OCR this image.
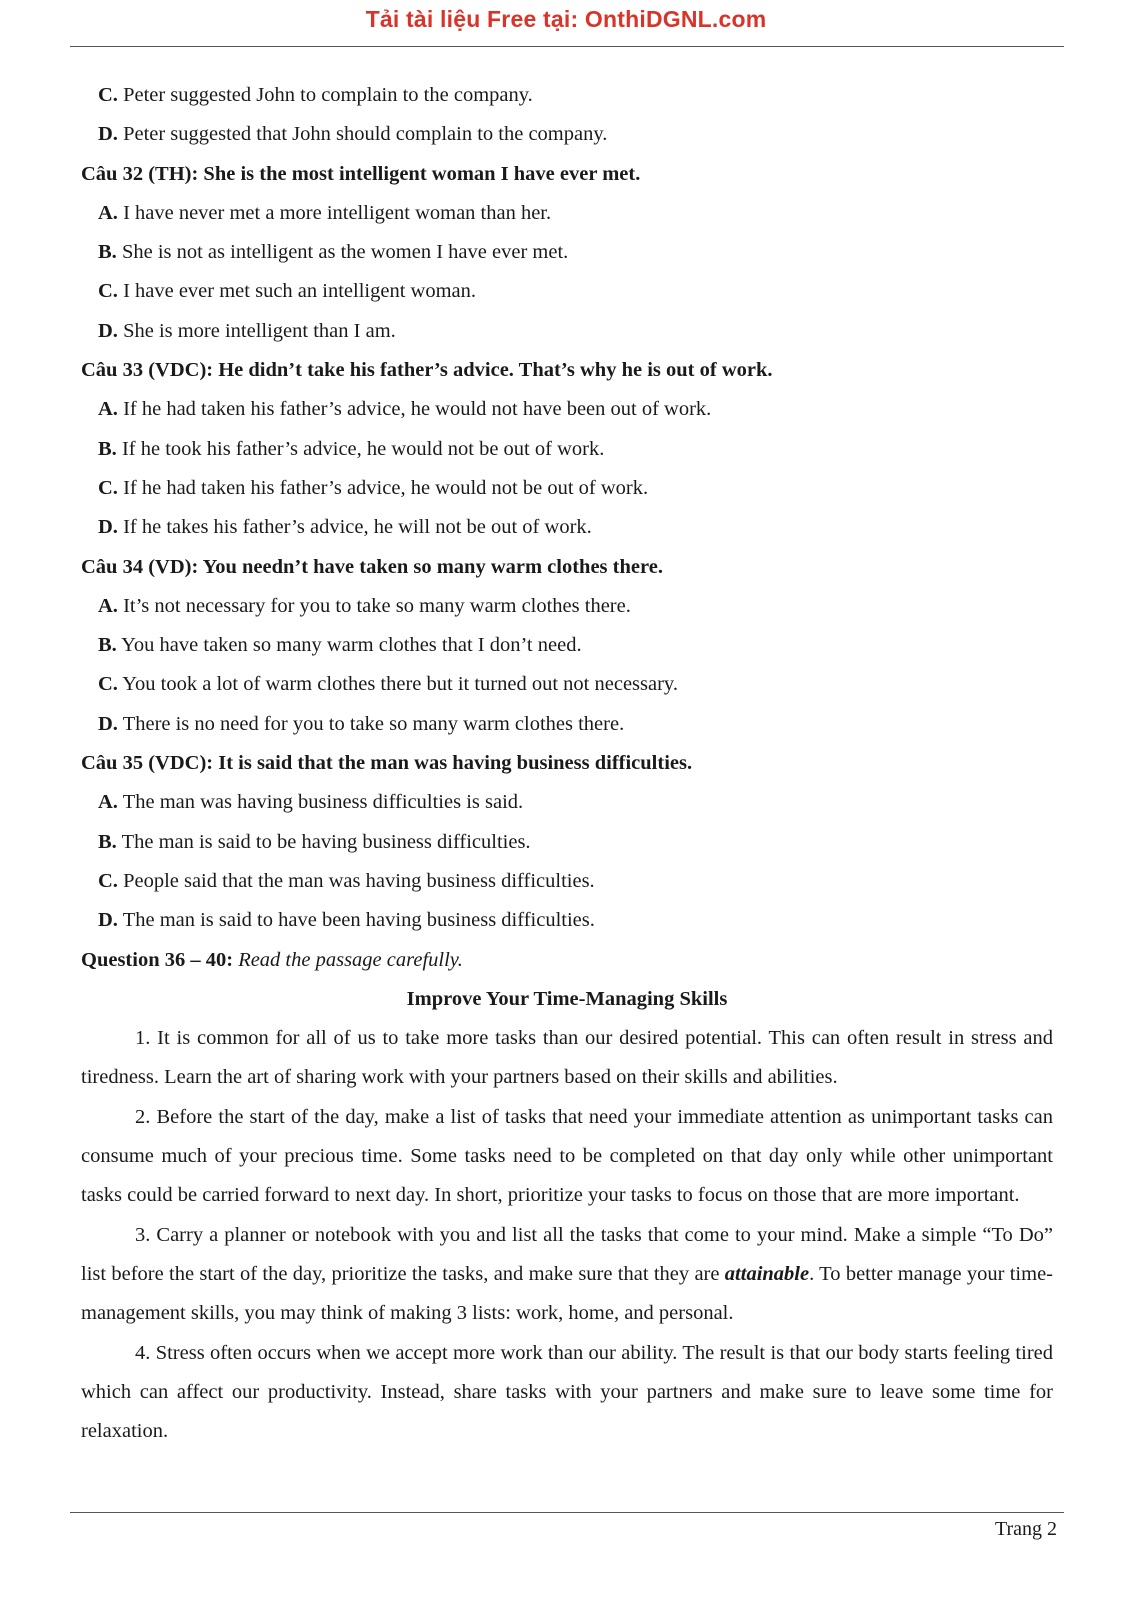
Tải tài liệu Free tại: OnthiDGNL.com
C. Peter suggested John to complain to the company.
D. Peter suggested that John should complain to the company.
Câu 32 (TH): She is the most intelligent woman I have ever met.
A. I have never met a more intelligent woman than her.
B. She is not as intelligent as the women I have ever met.
C. I have ever met such an intelligent woman.
D. She is more intelligent than I am.
Câu 33 (VDC): He didn’t take his father’s advice. That’s why he is out of work.
A. If he had taken his father’s advice, he would not have been out of work.
B. If he took his father’s advice, he would not be out of work.
C. If he had taken his father’s advice, he would not be out of work.
D. If he takes his father’s advice, he will not be out of work.
Câu 34 (VD): You needn’t have taken so many warm clothes there.
A. It’s not necessary for you to take so many warm clothes there.
B. You have taken so many warm clothes that I don’t need.
C. You took a lot of warm clothes there but it turned out not necessary.
D. There is no need for you to take so many warm clothes there.
Câu 35 (VDC): It is said that the man was having business difficulties.
A. The man was having business difficulties is said.
B. The man is said to be having business difficulties.
C. People said that the man was having business difficulties.
D. The man is said to have been having business difficulties.
Question 36 – 40: Read the passage carefully.
Improve Your Time-Managing Skills

1. It is common for all of us to take more tasks than our desired potential. This can often result in stress and tiredness. Learn the art of sharing work with your partners based on their skills and abilities.

2. Before the start of the day, make a list of tasks that need your immediate attention as unimportant tasks can consume much of your precious time. Some tasks need to be completed on that day only while other unimportant tasks could be carried forward to next day. In short, prioritize your tasks to focus on those that are more important.

3. Carry a planner or notebook with you and list all the tasks that come to your mind. Make a simple “To Do” list before the start of the day, prioritize the tasks, and make sure that they are attainable. To better manage your time-management skills, you may think of making 3 lists: work, home, and personal.

4. Stress often occurs when we accept more work than our ability. The result is that our body starts feeling tired which can affect our productivity. Instead, share tasks with your partners and make sure to leave some time for relaxation.

Trang 2
